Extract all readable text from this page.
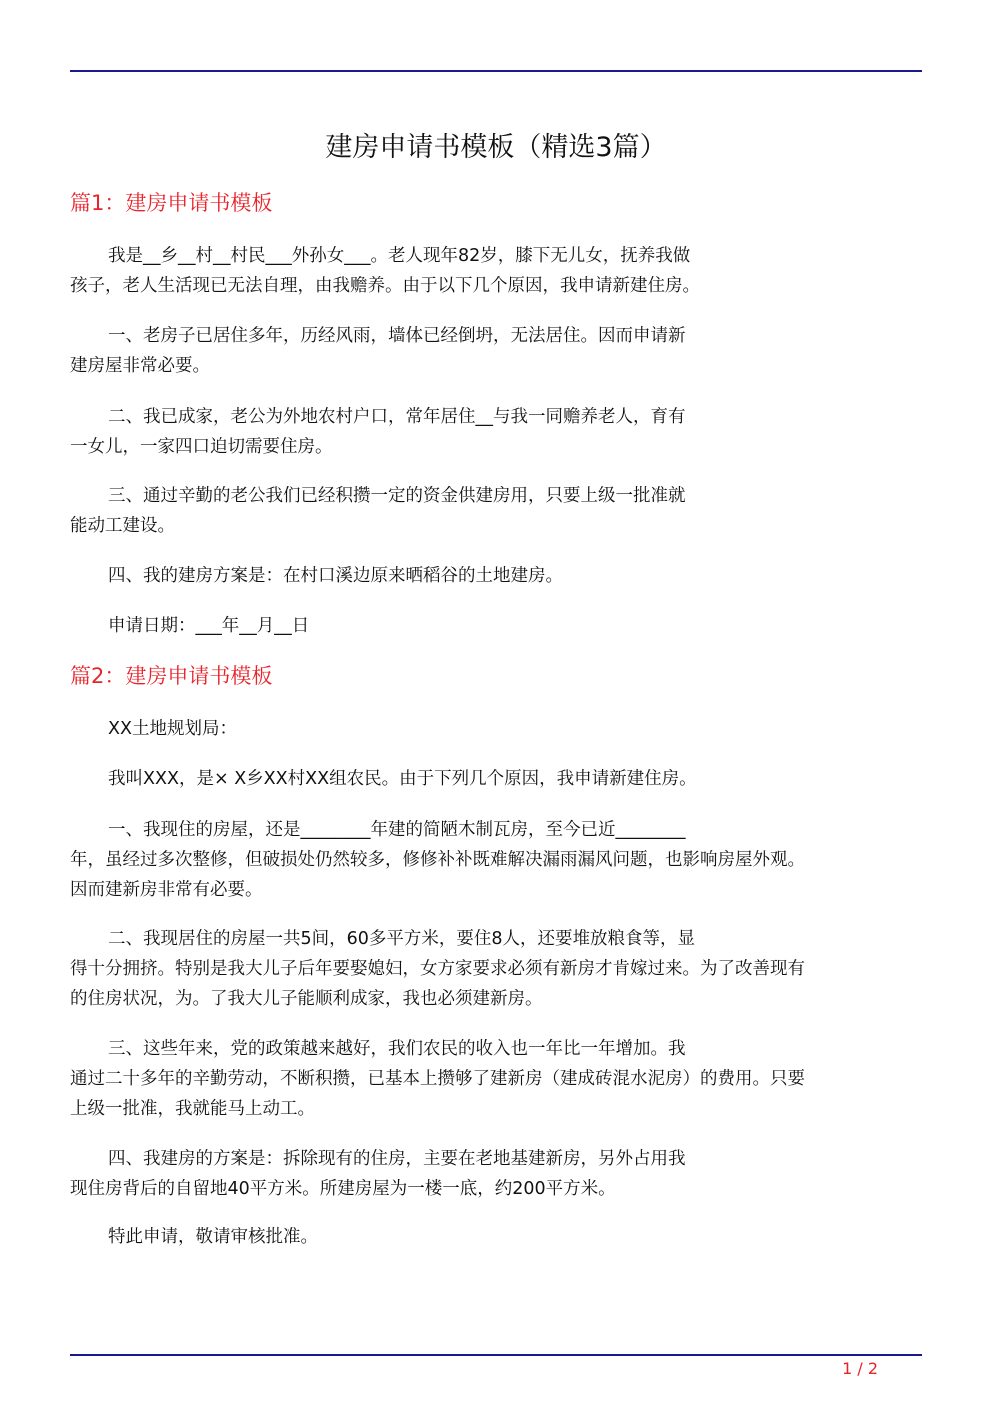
建房申请书模板（精选3篇）
篇1：建房申请书模板
我是__乡__村__村民___外孙女___。老人现年82岁，膝下无儿女，抚养我做
孩子，老人生活现已无法自理，由我赡养。由于以下几个原因，我申请新建住房。
一、老房子已居住多年，历经风雨，墙体已经倒坍，无法居住。因而申请新
建房屋非常必要。
二、我已成家，老公为外地农村户口，常年居住__与我一同赡养老人，育有
一女儿，一家四口迫切需要住房。
三、通过辛勤的老公我们已经积攒一定的资金供建房用，只要上级一批准就
能动工建设。
四、我的建房方案是：在村口溪边原来晒稻谷的土地建房。
申请日期：___年__月__日
篇2：建房申请书模板
XX土地规划局：
我叫XXX，是× X乡XX村XX组农民。由于下列几个原因，我申请新建住房。
一、我现住的房屋，还是________年建的简陋木制瓦房，至今已近________
年，虽经过多次整修，但破损处仍然较多，修修补补既难解决漏雨漏风问题，也影响房屋外观。
因而建新房非常有必要。
二、我现居住的房屋一共5间，60多平方米，要住8人，还要堆放粮食等，显
得十分拥挤。特别是我大儿子后年要娶媳妇，女方家要求必须有新房才肯嫁过来。为了改善现有
的住房状况，为。了我大儿子能顺利成家，我也必须建新房。
三、这些年来，党的政策越来越好，我们农民的收入也一年比一年增加。我
通过二十多年的辛勤劳动，不断积攒，已基本上攒够了建新房（建成砖混水泥房）的费用。只要
上级一批准，我就能马上动工。
四、我建房的方案是：拆除现有的住房，主要在老地基建新房，另外占用我
现住房背后的自留地40平方米。所建房屋为一楼一底，约200平方米。
特此申请，敬请审核批准。
1 / 2
